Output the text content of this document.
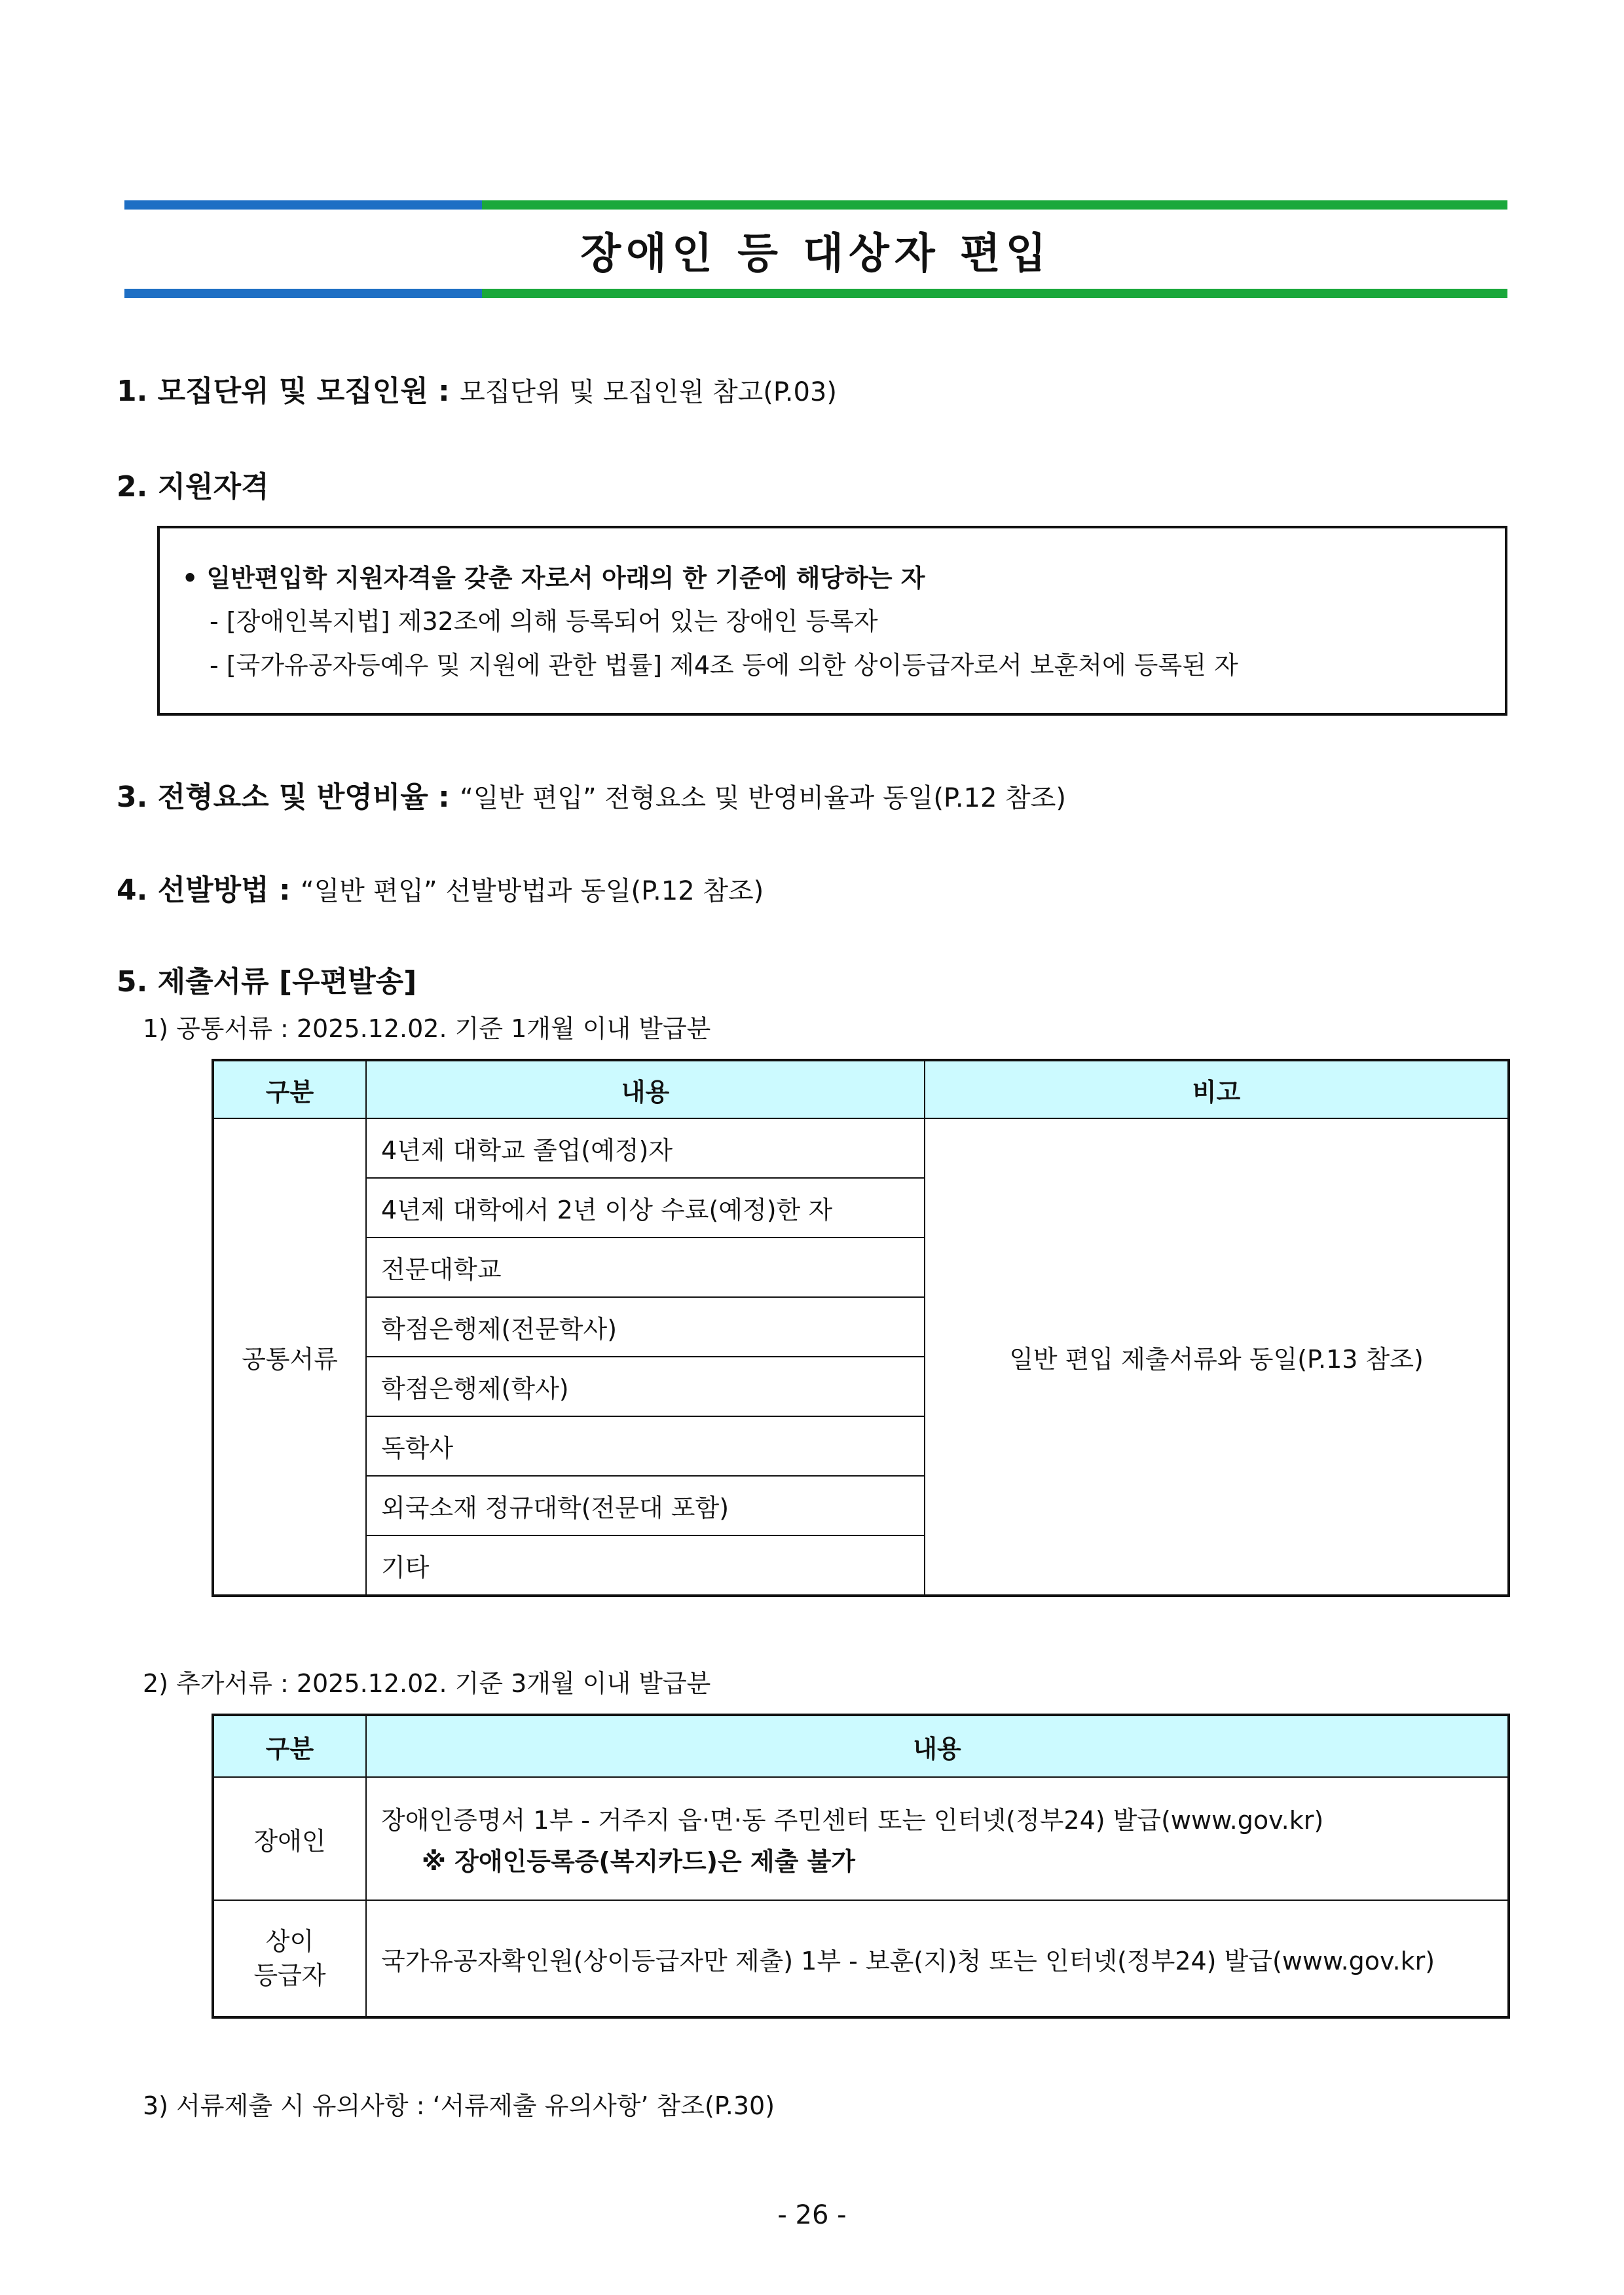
장애인 등 대상자 편입
1. 모집단위 및 모집인원 : 모집단위 및 모집인원 참고(P.03)
2. 지원자격
• 일반편입학 지원자격을 갖춘 자로서 아래의 한 기준에 해당하는 자
- [장애인복지법] 제32조에 의해 등록되어 있는 장애인 등록자
- [국가유공자등예우 및 지원에 관한 법률] 제4조 등에 의한 상이등급자로서 보훈처에 등록된 자
3. 전형요소 및 반영비율 : “일반 편입” 전형요소 및 반영비율과 동일(P.12 참조)
4. 선발방법 : “일반 편입” 선발방법과 동일(P.12 참조)
5. 제출서류 [우편발송]
1) 공통서류 : 2025.12.02. 기준 1개월 이내 발급분
구분	내용	비고
공통서류	4년제 대학교 졸업(예정)자	일반 편입 제출서류와 동일(P.13 참조)
	4년제 대학에서 2년 이상 수료(예정)한 자	
	전문대학교	
	학점은행제(전문학사)	
	학점은행제(학사)	
	독학사	
	외국소재 정규대학(전문대 포함)	
	기타	
2) 추가서류 : 2025.12.02. 기준 3개월 이내 발급분
구분	내용
장애인	장애인증명서 1부 - 거주지 읍·면·동 주민센터 또는 인터넷(정부24) 발급(www.gov.kr)
※ 장애인등록증(복지카드)은 제출 불가

상이
등급자	국가유공자확인원(상이등급자만 제출) 1부 - 보훈(지)청 또는 인터넷(정부24) 발급(www.gov.kr)
3) 서류제출 시 유의사항 : ‘서류제출 유의사항’ 참조(P.30)
- 26 -
